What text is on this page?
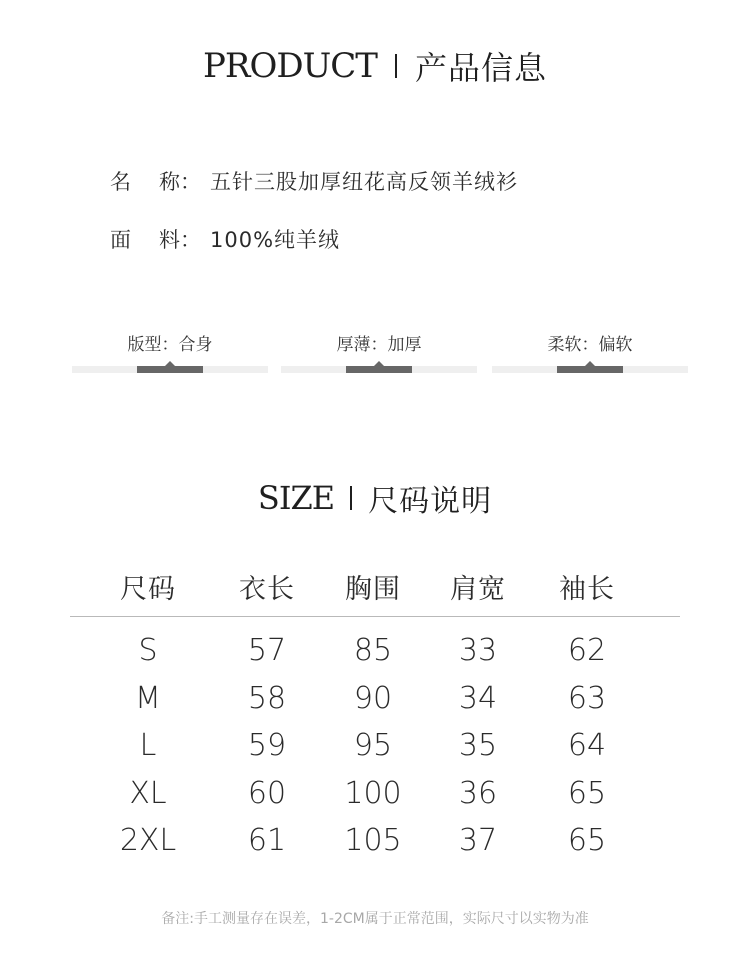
PRODUCT 产品信息
名 称： 五针三股加厚纽花高反领羊绒衫
面 料： 100%纯羊绒
版型：合身	厚薄：加厚	柔软：偏软
SIZE 尺码说明
尺码	衣长	胸围	肩宽	袖长
S	57	85	33	62
M	58	90	34	63
L	59	95	35	64
XL	60	100	36	65
2XL	61	105	37	65
备注:手工测量存在误差，1-2CM属于正常范围，实际尺寸以实物为准
